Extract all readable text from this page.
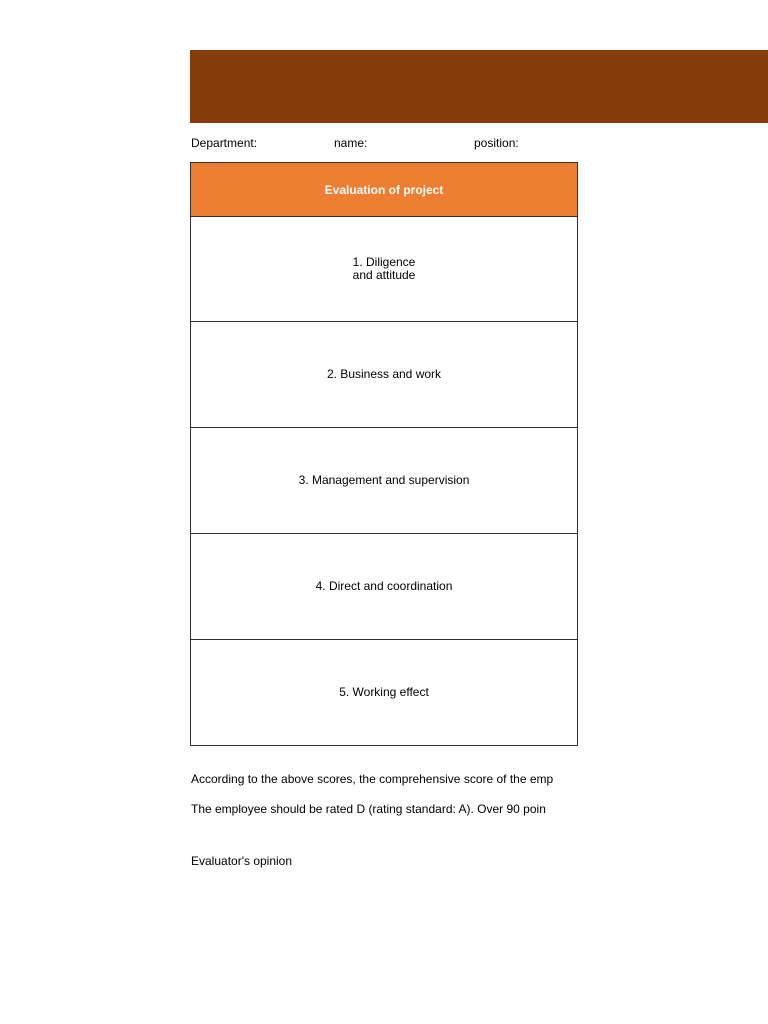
Department:	name:	position:
Evaluation of project
1. Diligence
and attitude
2. Business and work
3. Management and supervision
4. Direct and coordination
5. Working effect
According to the above scores, the comprehensive score of the emp
The employee should be rated D (rating standard: A). Over 90 poin
Evaluator's opinion
